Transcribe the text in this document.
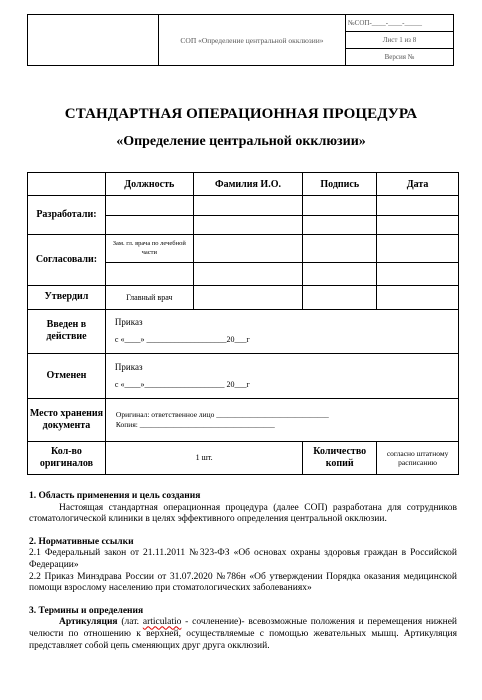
	СОП «Определение центральной окклюзии»	№СОП-____-____-_____
Лист 1 из 8
Версия №
СТАНДАРТНАЯ ОПЕРАЦИОННАЯ ПРОЦЕДУРА
«Определение центральной окклюзии»
	Должность	Фамилия И.О.	Подпись	Дата
Разработали:				

Согласовали:	Зам. гл. врача по лечебной части			

Утвердил	Главный врач			
Введен в действие	Приказ
с «____» ____________________20___г			

Отменен	Приказ
с «____»____________________ 20___г			

Место хранения документа	Оригинал: ответственное лицо ______________________________
Копия: ____________________________________			

Кол-во оригиналов	1 шт.		Количество копий	согласно штатному расписанию

1. Область применения и цель создания

Настоящая стандартная операционная процедура (далее СОП) разработана для сотрудников стоматологической клиники в целях эффективного определения центральной окклюзии.

2. Нормативные ссылки

2.1 Федеральный закон от 21.11.2011 №323-ФЗ «Об основах охраны здоровья граждан в Российской Федерации»

2.2 Приказ Минздрава России от 31.07.2020 №786н «Об утверждении Порядка оказания медицинской помощи взрослому населению при стоматологических заболеваниях»

3. Термины и определения

Артикуляция (лат. articulatio - сочленение)- всевозможные положения и перемещения нижней челюсти по отношению к верхней, осуществляемые с помощью жевательных мышц. Артикуляция представляет собой цепь сменяющих друг друга окклюзий.
